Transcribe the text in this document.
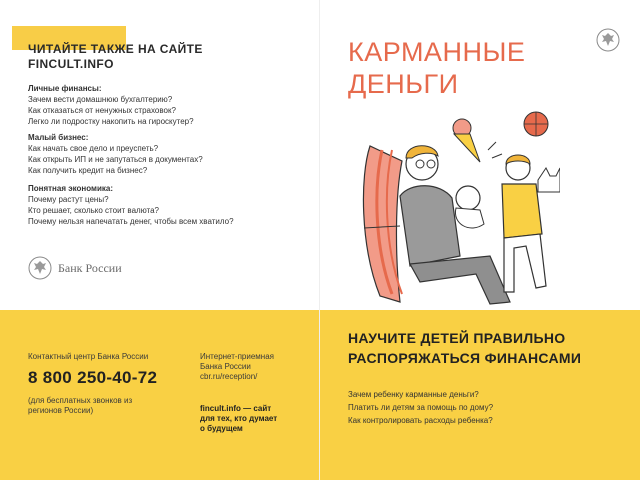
ЧИТАЙТЕ ТАКЖЕ НА САЙТЕ
FINCULT.INFO
Личные финансы:
Зачем вести домашнюю бухгалтерию?
Как отказаться от ненужных страховок?
Легко ли подростку накопить на гироскутер?
Малый бизнес:
Как начать свое дело и преуспеть?
Как открыть ИП и не запутаться в документах?
Как получить кредит на бизнес?
Понятная экономика:
Почему растут цены?
Кто решает, сколько стоит валюта?
Почему нельзя напечатать денег, чтобы всем хватило?
Банк России
Контактный центр Банка России
8 800 250-40-72
(для бесплатных звонков из регионов России)
Интернет-приемная
Банка России
cbr.ru/reception/
fincult.info — сайт
для тех, кто думает
о будущем
КАРМАННЫЕ
ДЕНЬГИ
НАУЧИТЕ ДЕТЕЙ ПРАВИЛЬНО
РАСПОРЯЖАТЬСЯ ФИНАНСАМИ
Зачем ребенку карманные деньги?
Платить ли детям за помощь по дому?
Как контролировать расходы ребенка?
